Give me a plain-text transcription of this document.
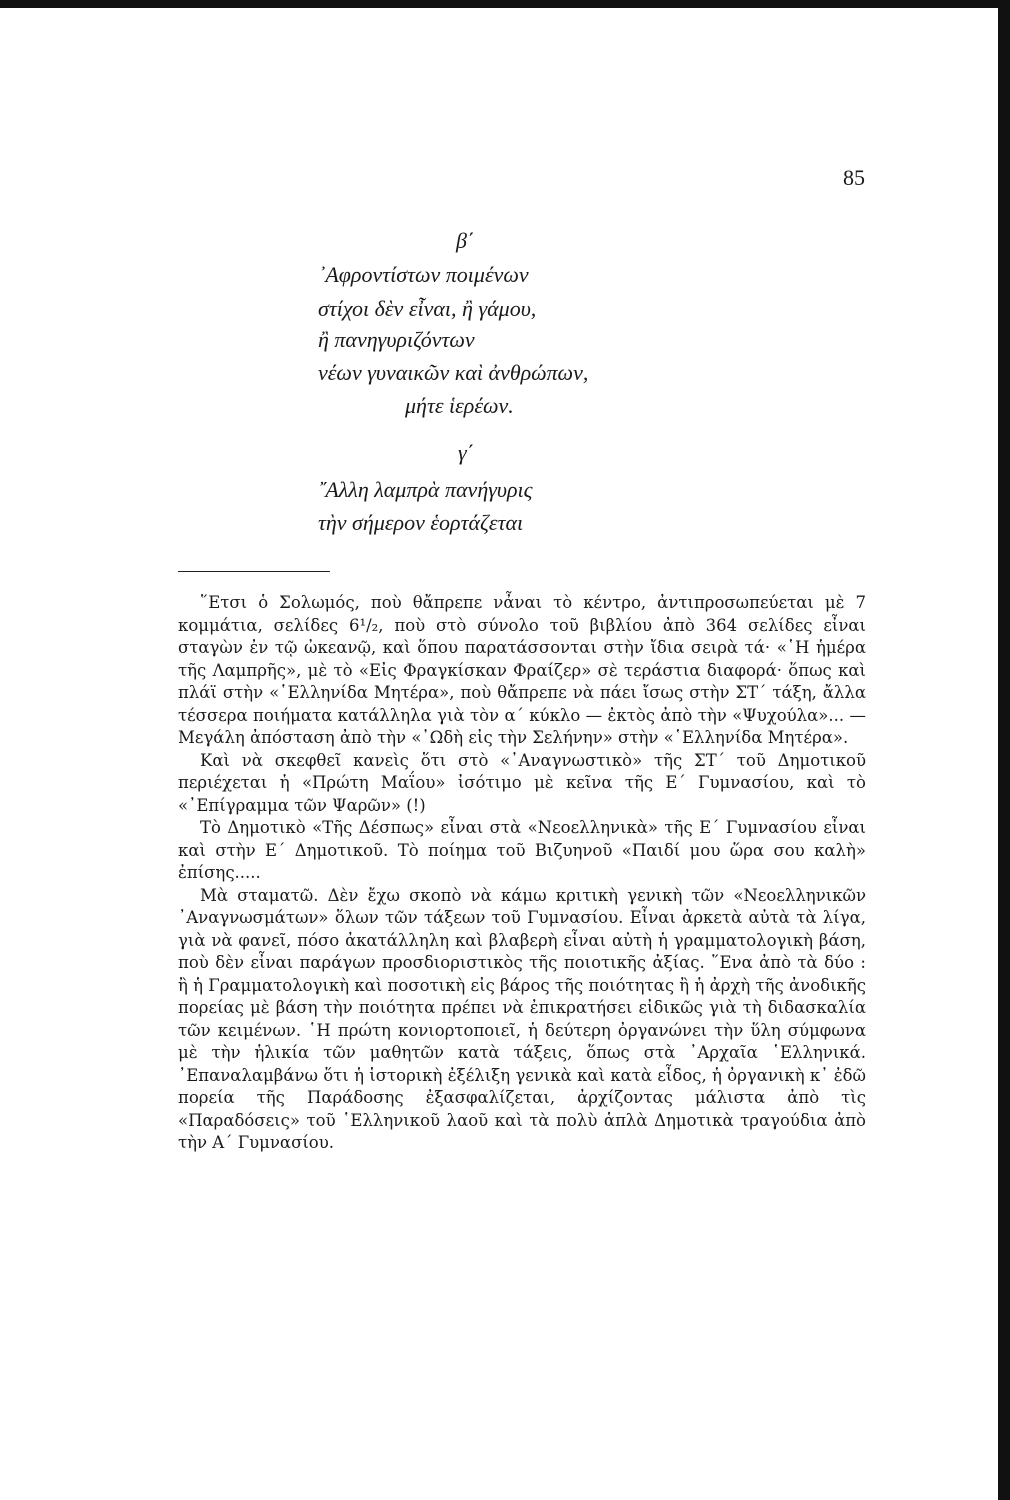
85
β΄
᾽Αφροντίστων ποιμένων
στίχοι δὲν εἶναι, ἢ γάμου,
ἢ πανηγυριζόντων
νέων γυναικῶν καὶ ἀνθρώπων,
μήτε ἱερέων.
γ΄
῎Αλλη λαμπρὰ πανήγυρις
τὴν σήμερον ἑορτάζεται

῞Ετσι ὁ Σολωμός, ποὺ θἄπρεπε νἆναι τὸ κέντρο, ἀντιπροσωπεύεται μὲ 7 κομμάτια, σελίδες 6¹/₂, ποὺ στὸ σύνολο τοῦ βιβλίου ἀπὸ 364 σελίδες εἶναι σταγὼν ἐν τῷ ὠκεανῷ, καὶ ὅπου παρατάσσονται στὴν ἴδια σειρὰ τά· «῾Η ἡμέρα τῆς Λαμπρῆς», μὲ τὸ «Εἰς Φραγκίσκαν Φραίζερ» σὲ τεράστια διαφορά· ὅπως καὶ πλάϊ στὴν «῾Ελληνίδα Μητέρα», ποὺ θἄπρεπε νὰ πάει ἴσως στὴν ΣΤ΄ τάξη, ἄλλα τέσσερα ποιήματα κατάλληλα γιὰ τὸν α΄ κύκλο — ἐκτὸς ἀπὸ τὴν «Ψυχούλα»... — Μεγάλη ἀπόσταση ἀπὸ τὴν «᾽Ωδὴ εἰς τὴν Σελήνην» στὴν «῾Ελληνίδα Μητέρα».

Καὶ νὰ σκεφθεῖ κανεὶς ὅτι στὸ «᾽Αναγνωστικὸ» τῆς ΣΤ΄ τοῦ Δημοτικοῦ περιέχεται ἡ «Πρώτη Μαΐου» ἰσότιμο μὲ κεῖνα τῆς Ε΄ Γυμνασίου, καὶ τὸ «᾽Επίγραμμα τῶν Ψαρῶν» (!)

Τὸ Δημοτικὸ «Τῆς Δέσπως» εἶναι στὰ «Νεοελληνικὰ» τῆς Ε΄ Γυμνασίου εἶναι καὶ στὴν Ε΄ Δημοτικοῦ. Τὸ ποίημα τοῦ Βιζυηνοῦ «Παιδί μου ὥρα σου καλὴ» ἐπίσης.....

Μὰ σταματῶ. Δὲν ἔχω σκοπὸ νὰ κάμω κριτικὴ γενικὴ τῶν «Νεοελληνικῶν ᾽Αναγνωσμάτων» ὅλων τῶν τάξεων τοῦ Γυμνασίου. Εἶναι ἀρκετὰ αὐτὰ τὰ λίγα, γιὰ νὰ φανεῖ, πόσο ἀκατάλληλη καὶ βλαβερὴ εἶναι αὐτὴ ἡ γραμματολογικὴ βάση, ποὺ δὲν εἶναι παράγων προσδιοριστικὸς τῆς ποιοτικῆς ἀξίας. ῞Ενα ἀπὸ τὰ δύο : ἢ ἡ Γραμματολογικὴ καὶ ποσοτικὴ εἰς βάρος τῆς ποιότητας ἢ ἡ ἀρχὴ τῆς ἀνοδικῆς πορείας μὲ βάση τὴν ποιότητα πρέπει νὰ ἐπικρατήσει εἰδικῶς γιὰ τὴ διδασκαλία τῶν κειμένων. ῾Η πρώτη κονιορτοποιεῖ, ἡ δεύτερη ὀργανώνει τὴν ὕλη σύμφωνα μὲ τὴν ἡλικία τῶν μαθητῶν κατὰ τάξεις, ὅπως στὰ ᾽Αρχαῖα ῾Ελληνικά. ᾽Επαναλαμβάνω ὅτι ἡ ἱστορικὴ ἐξέλιξη γενικὰ καὶ κατὰ εἶδος, ἡ ὀργανικὴ κ᾽ ἐδῶ πορεία τῆς Παράδοσης ἐξασφαλίζεται, ἀρχίζοντας μάλιστα ἀπὸ τὶς «Παραδόσεις» τοῦ ῾Ελληνικοῦ λαοῦ καὶ τὰ πολὺ ἁπλὰ Δημοτικὰ τραγούδια ἀπὸ τὴν Α΄ Γυμνασίου.
